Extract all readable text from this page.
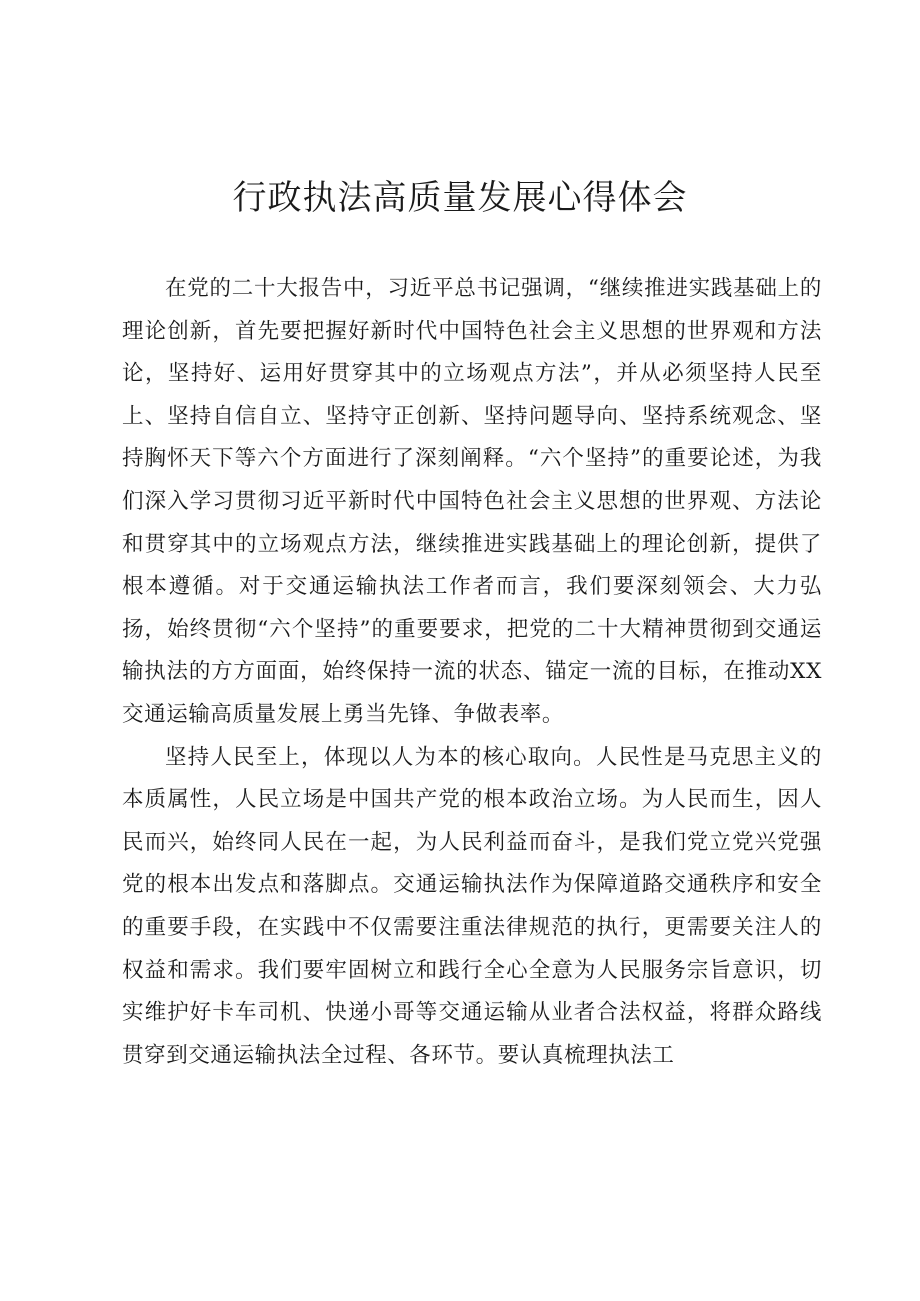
行政执法高质量发展心得体会

在党的二十大报告中，习近平总书记强调，“继续推进实践基础上的理论创新，首先要把握好新时代中国特色社会主义思想的世界观和方法论，坚持好、运用好贯穿其中的立场观点方法”，并从必须坚持人民至上、坚持自信自立、坚持守正创新、坚持问题导向、坚持系统观念、坚持胸怀天下等六个方面进行了深刻阐释。“六个坚持”的重要论述，为我们深入学习贯彻习近平新时代中国特色社会主义思想的世界观、方法论和贯穿其中的立场观点方法，继续推进实践基础上的理论创新，提供了根本遵循。对于交通运输执法工作者而言，我们要深刻领会、大力弘扬，始终贯彻“六个坚持”的重要要求，把党的二十大精神贯彻到交通运输执法的方方面面，始终保持一流的状态、锚定一流的目标，在推动XX交通运输高质量发展上勇当先锋、争做表率。

坚持人民至上，体现以人为本的核心取向。人民性是马克思主义的本质属性，人民立场是中国共产党的根本政治立场。为人民而生，因人民而兴，始终同人民在一起，为人民利益而奋斗，是我们党立党兴党强党的根本出发点和落脚点。交通运输执法作为保障道路交通秩序和安全的重要手段，在实践中不仅需要注重法律规范的执行，更需要关注人的权益和需求。我们要牢固树立和践行全心全意为人民服务宗旨意识，切实维护好卡车司机、快递小哥等交通运输从业者合法权益，将群众路线贯穿到交通运输执法全过程、各环节。要认真梳理执法工
